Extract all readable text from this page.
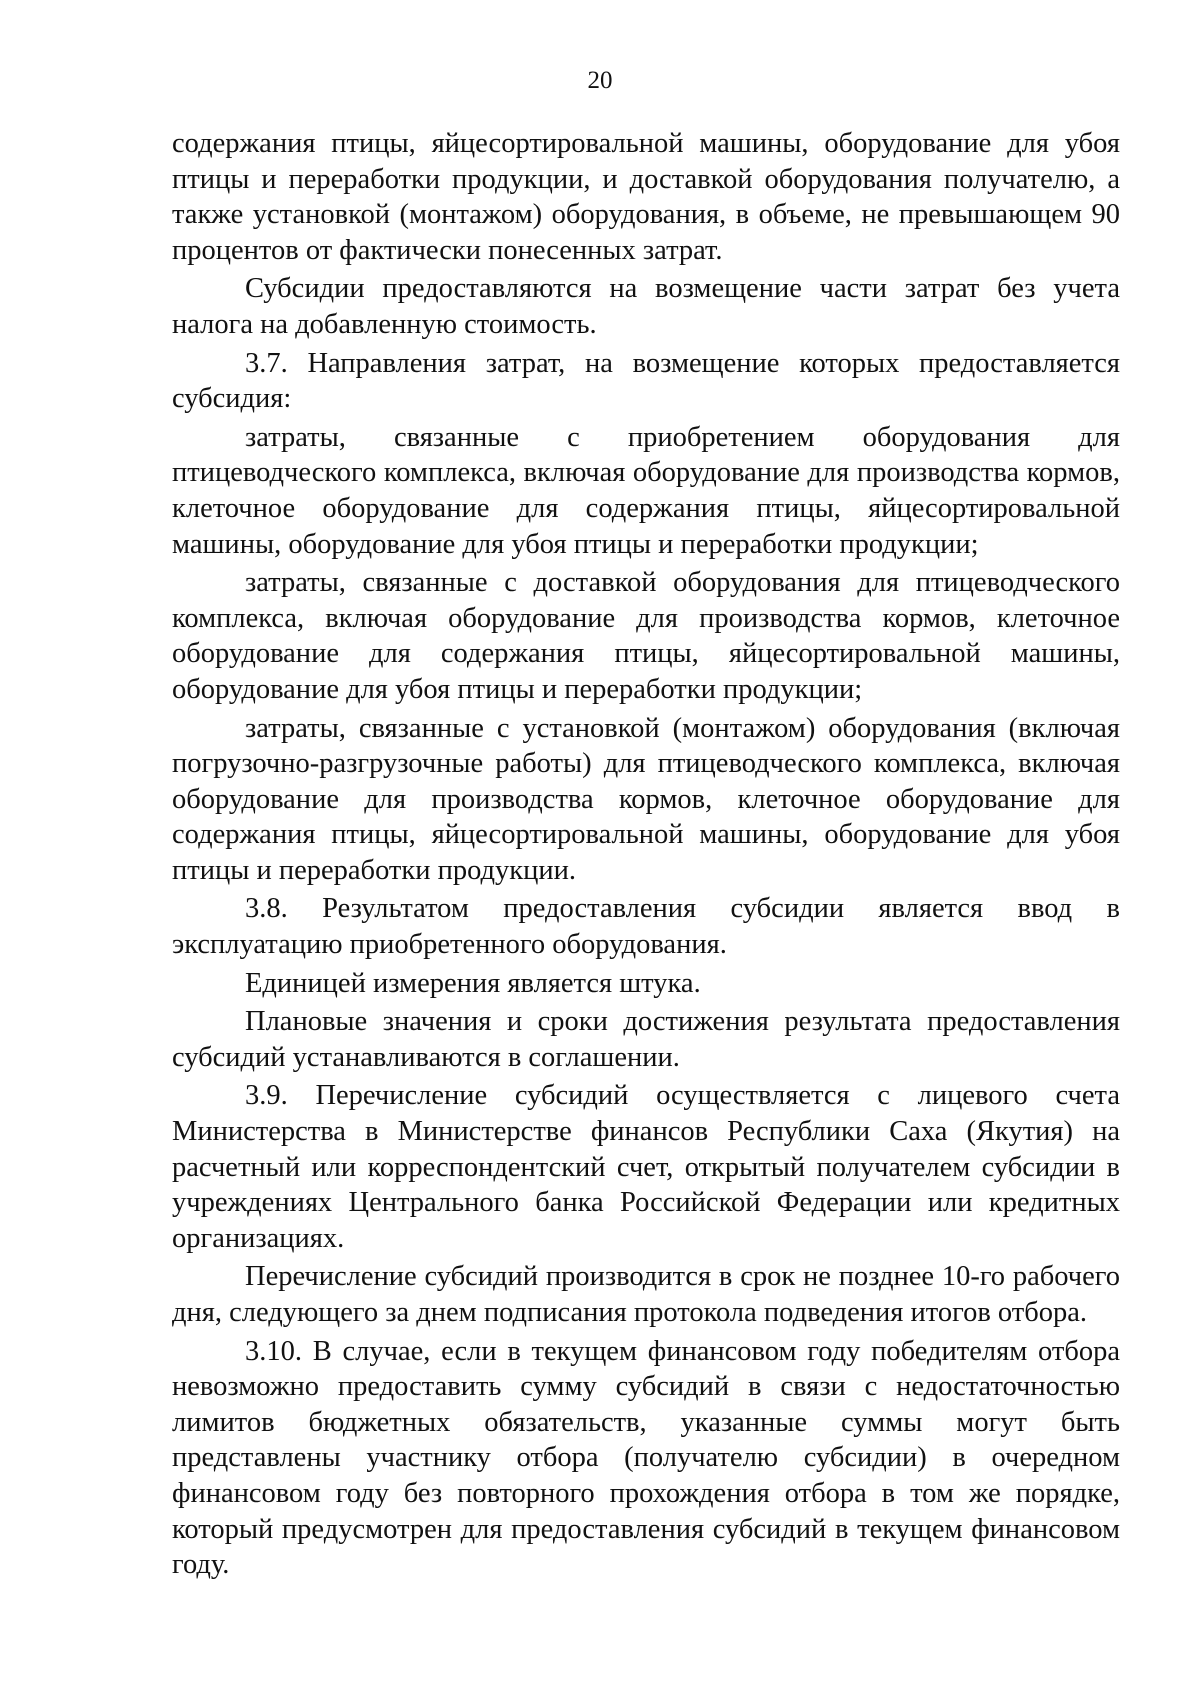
20

содержания птицы, яйцесортировальной машины, оборудование для убоя птицы и переработки продукции, и доставкой оборудования получателю, а также установкой (монтажом) оборудования, в объеме, не превышающем 90 процентов от фактически понесенных затрат.

Субсидии предоставляются на возмещение части затрат без учета налога на добавленную стоимость.

3.7. Направления затрат, на возмещение которых предоставляется субсидия:

затраты, связанные с приобретением оборудования для птицеводческого комплекса, включая оборудование для производства кормов, клеточное оборудование для содержания птицы, яйцесортировальной машины, оборудование для убоя птицы и переработки продукции;

затраты, связанные с доставкой оборудования для птицеводческого комплекса, включая оборудование для производства кормов, клеточное оборудование для содержания птицы, яйцесортировальной машины, оборудование для убоя птицы и переработки продукции;

затраты, связанные с установкой (монтажом) оборудования (включая погрузочно-разгрузочные работы) для птицеводческого комплекса, включая оборудование для производства кормов, клеточное оборудование для содержания птицы, яйцесортировальной машины, оборудование для убоя птицы и переработки продукции.

3.8. Результатом предоставления субсидии является ввод в эксплуатацию приобретенного оборудования.

Единицей измерения является штука.

Плановые значения и сроки достижения результата предоставления субсидий устанавливаются в соглашении.

3.9. Перечисление субсидий осуществляется с лицевого счета Министерства в Министерстве финансов Республики Саха (Якутия) на расчетный или корреспондентский счет, открытый получателем субсидии в учреждениях Центрального банка Российской Федерации или кредитных организациях.

Перечисление субсидий производится в срок не позднее 10-го рабочего дня, следующего за днем подписания протокола подведения итогов отбора.

3.10. В случае, если в текущем финансовом году победителям отбора невозможно предоставить сумму субсидий в связи с недостаточностью лимитов бюджетных обязательств, указанные суммы могут быть представлены участнику отбора (получателю субсидии) в очередном финансовом году без повторного прохождения отбора в том же порядке, который предусмотрен для предоставления субсидий в текущем финансовом году.
